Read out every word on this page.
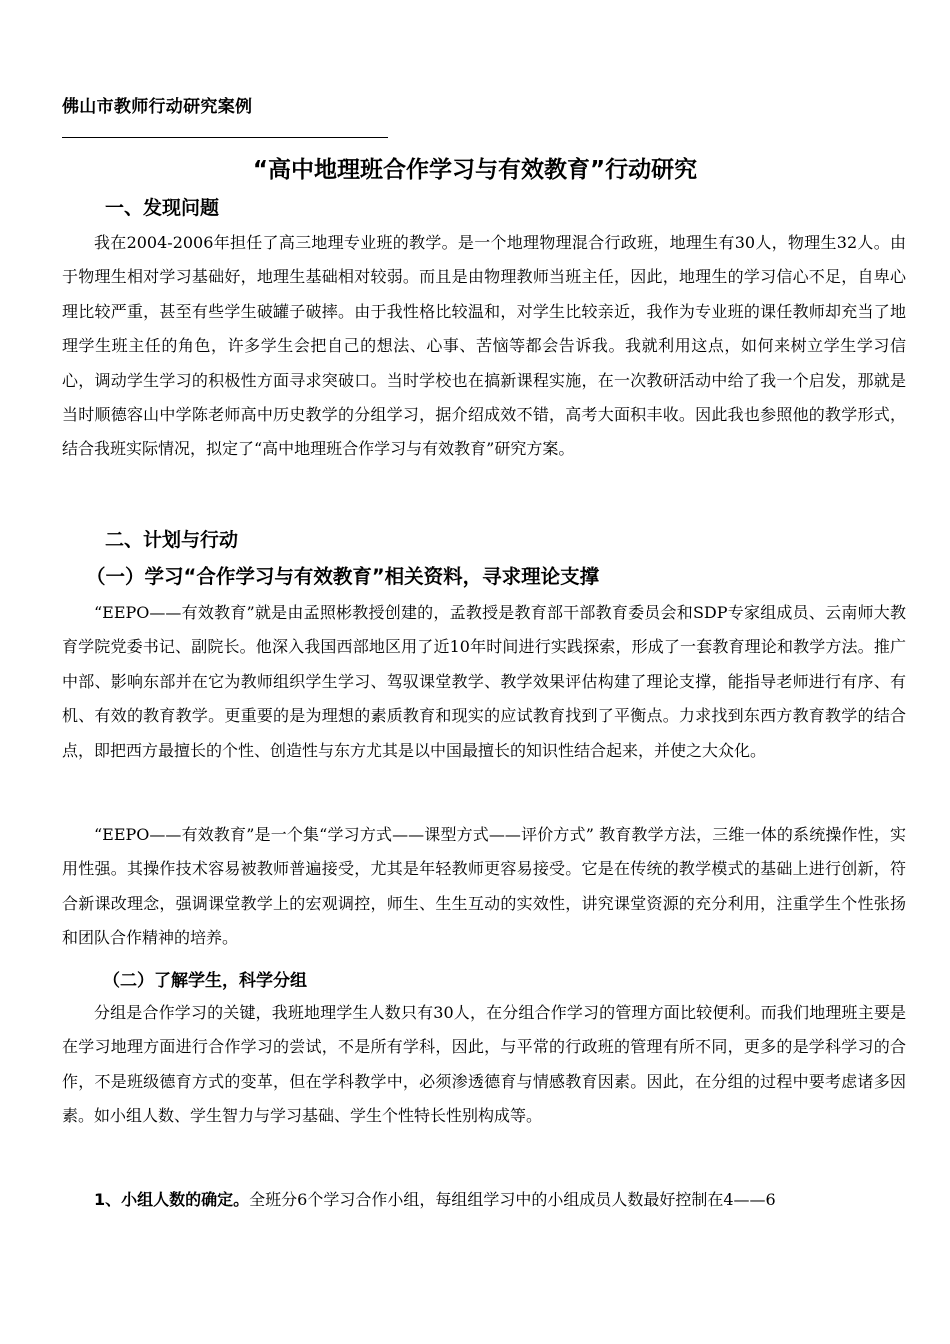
佛山市教师行动研究案例
“高中地理班合作学习与有效教育”行动研究
一、发现问题

我在2004-2006年担任了高三地理专业班的教学。是一个地理物理混合行政班，地理生有30人，物理生32人。由于物理生相对学习基础好，地理生基础相对较弱。而且是由物理教师当班主任，因此，地理生的学习信心不足，自卑心理比较严重，甚至有些学生破罐子破摔。由于我性格比较温和，对学生比较亲近，我作为专业班的课任教师却充当了地理学生班主任的角色，许多学生会把自己的想法、心事、苦恼等都会告诉我。我就利用这点，如何来树立学生学习信心，调动学生学习的积极性方面寻求突破口。当时学校也在搞新课程实施，在一次教研活动中给了我一个启发，那就是当时顺德容山中学陈老师高中历史教学的分组学习，据介绍成效不错，高考大面积丰收。因此我也参照他的教学形式，结合我班实际情况，拟定了“高中地理班合作学习与有效教育”研究方案。

二、计划与行动
（一）学习“合作学习与有效教育”相关资料，寻求理论支撑

“EEPO——有效教育”就是由孟照彬教授创建的，孟教授是教育部干部教育委员会和SDP专家组成员、云南师大教育学院党委书记、副院长。他深入我国西部地区用了近10年时间进行实践探索，形成了一套教育理论和教学方法。推广中部、影响东部并在它为教师组织学生学习、驾驭课堂教学、教学效果评估构建了理论支撑，能指导老师进行有序、有机、有效的教育教学。更重要的是为理想的素质教育和现实的应试教育找到了平衡点。力求找到东西方教育教学的结合点，即把西方最擅长的个性、创造性与东方尤其是以中国最擅长的知识性结合起来，并使之大众化。

“EEPO——有效教育”是一个集“学习方式——课型方式——评价方式” 教育教学方法，三维一体的系统操作性，实用性强。其操作技术容易被教师普遍接受，尤其是年轻教师更容易接受。它是在传统的教学模式的基础上进行创新，符合新课改理念，强调课堂教学上的宏观调控，师生、生生互动的实效性，讲究课堂资源的充分利用，注重学生个性张扬和团队合作精神的培养。

（二）了解学生，科学分组

分组是合作学习的关键，我班地理学生人数只有30人，在分组合作学习的管理方面比较便利。而我们地理班主要是在学习地理方面进行合作学习的尝试，不是所有学科，因此，与平常的行政班的管理有所不同，更多的是学科学习的合作，不是班级德育方式的变革，但在学科教学中，必须渗透德育与情感教育因素。因此，在分组的过程中要考虑诸多因素。如小组人数、学生智力与学习基础、学生个性特长性别构成等。

1、小组人数的确定。全班分6个学习合作小组，每组组学习中的小组成员人数最好控制在4——6
